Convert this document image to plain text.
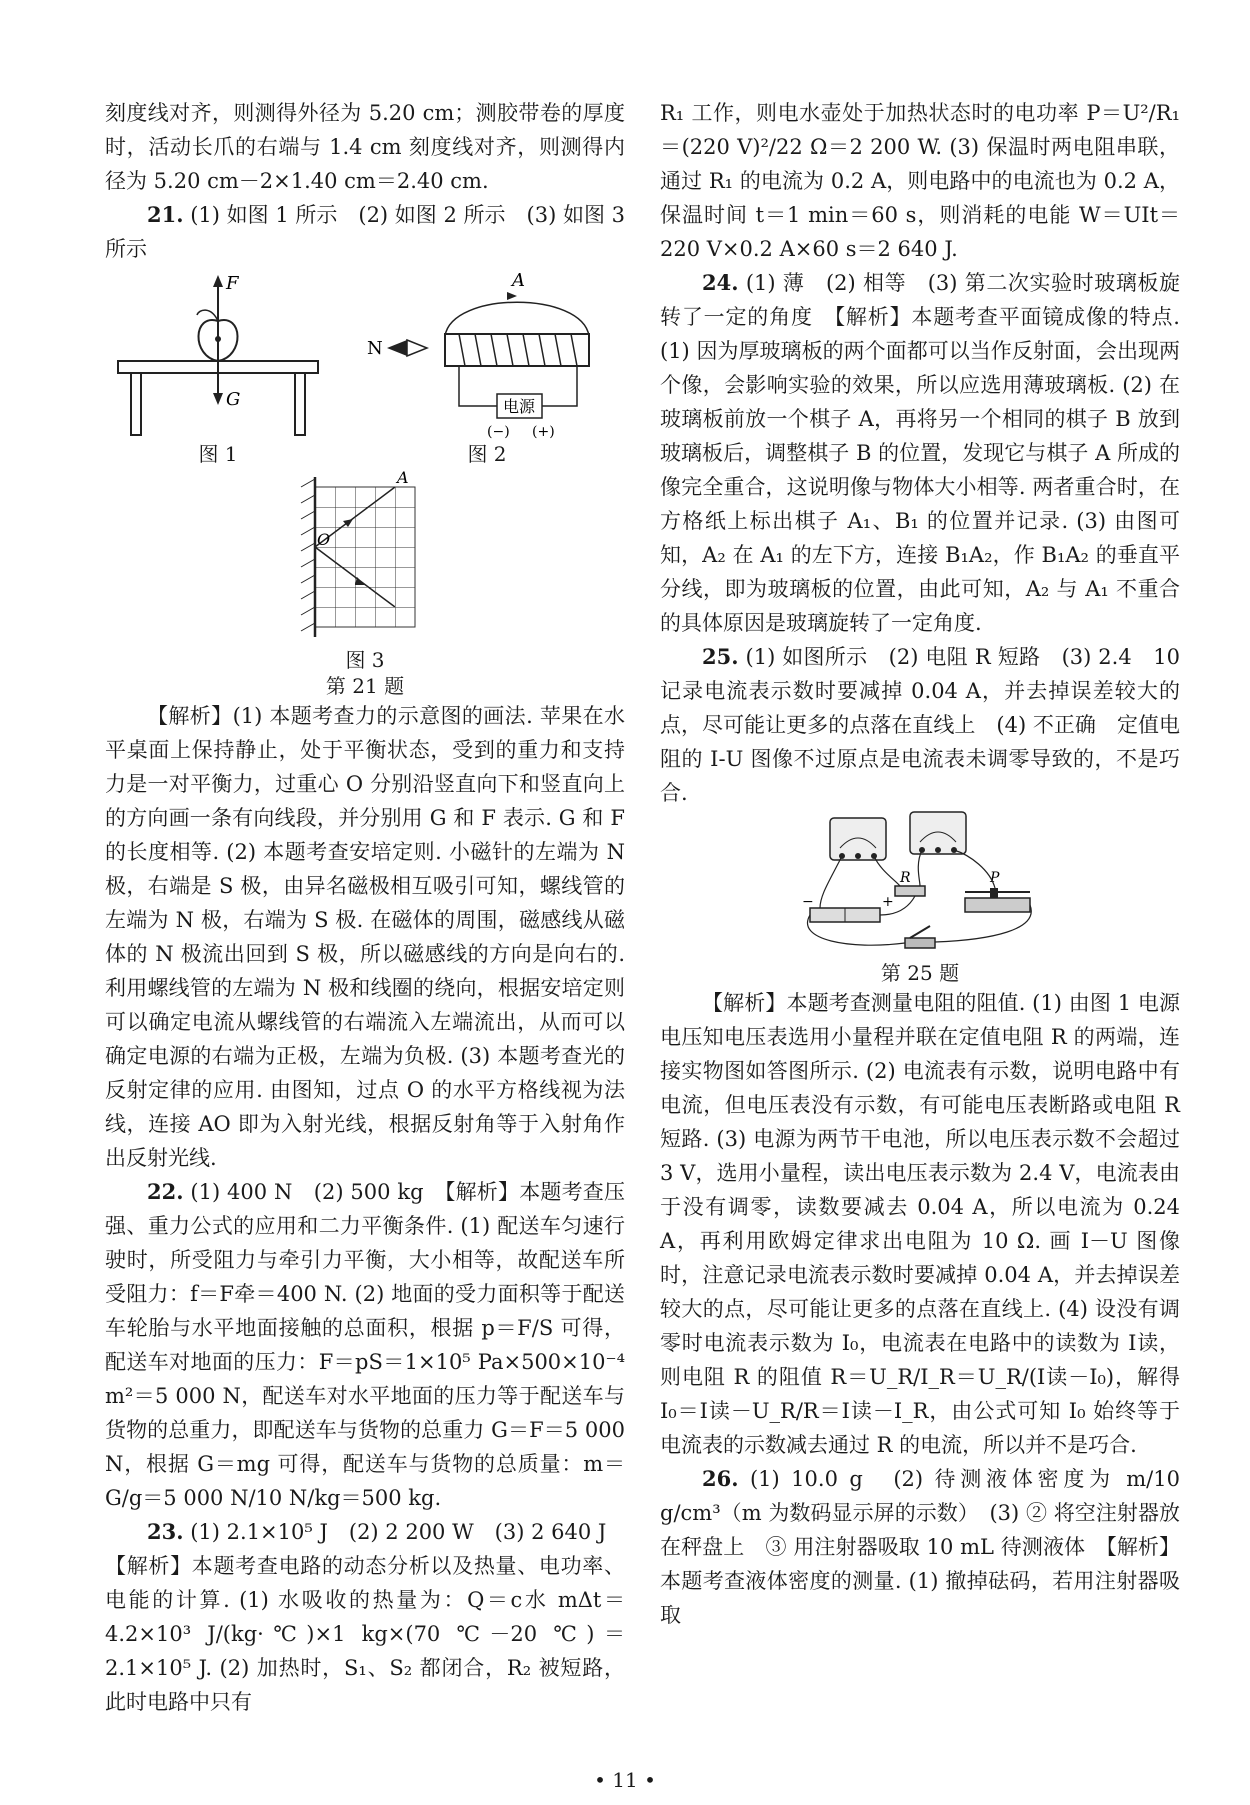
刻度线对齐，则测得外径为 5.20 cm；测胶带卷的厚度时，活动长爪的右端与 1.4 cm 刻度线对齐，则测得内径为 5.20 cm－2×1.40 cm＝2.40 cm.

21. (1) 如图 1 所示　(2) 如图 2 所示　(3) 如图 3 所示

F
G

图 1

N
A
电源
(−) (+)

图 2

A
O

图 3

第 21 题

【解析】(1) 本题考查力的示意图的画法. 苹果在水平桌面上保持静止，处于平衡状态，受到的重力和支持力是一对平衡力，过重心 O 分别沿竖直向下和竖直向上的方向画一条有向线段，并分别用 G 和 F 表示. G 和 F 的长度相等. (2) 本题考查安培定则. 小磁针的左端为 N 极，右端是 S 极，由异名磁极相互吸引可知，螺线管的左端为 N 极，右端为 S 极. 在磁体的周围，磁感线从磁体的 N 极流出回到 S 极，所以磁感线的方向是向右的. 利用螺线管的左端为 N 极和线圈的绕向，根据安培定则可以确定电流从螺线管的右端流入左端流出，从而可以确定电源的右端为正极，左端为负极. (3) 本题考查光的反射定律的应用. 由图知，过点 O 的水平方格线视为法线，连接 AO 即为入射光线，根据反射角等于入射角作出反射光线.

22. (1) 400 N　(2) 500 kg　【解析】本题考查压强、重力公式的应用和二力平衡条件. (1) 配送车匀速行驶时，所受阻力与牵引力平衡，大小相等，故配送车所受阻力：f＝F牵＝400 N. (2) 地面的受力面积等于配送车轮胎与水平地面接触的总面积，根据 p＝F/S 可得，配送车对地面的压力：F＝pS＝1×10⁵ Pa×500×10⁻⁴ m²＝5 000 N，配送车对水平地面的压力等于配送车与货物的总重力，即配送车与货物的总重力 G＝F＝5 000 N，根据 G＝mg 可得，配送车与货物的总质量：m＝G/g＝5 000 N/10 N/kg＝500 kg.

23. (1) 2.1×10⁵ J　(2) 2 200 W　(3) 2 640 J

【解析】本题考查电路的动态分析以及热量、电功率、电能的计算. (1) 水吸收的热量为：Q＝c水 mΔt＝4.2×10³ J/(kg·℃)×1 kg×(70 ℃－20 ℃)＝2.1×10⁵ J. (2) 加热时，S₁、S₂ 都闭合，R₂ 被短路，此时电路中只有

R₁ 工作，则电水壶处于加热状态时的电功率 P＝U²/R₁＝(220 V)²/22 Ω＝2 200 W. (3) 保温时两电阻串联，通过 R₁ 的电流为 0.2 A，则电路中的电流也为 0.2 A，保温时间 t＝1 min＝60 s，则消耗的电能 W＝UIt＝220 V×0.2 A×60 s＝2 640 J.

24. (1) 薄　(2) 相等　(3) 第二次实验时玻璃板旋转了一定的角度　【解析】本题考查平面镜成像的特点. (1) 因为厚玻璃板的两个面都可以当作反射面，会出现两个像，会影响实验的效果，所以应选用薄玻璃板. (2) 在玻璃板前放一个棋子 A，再将另一个相同的棋子 B 放到玻璃板后，调整棋子 B 的位置，发现它与棋子 A 所成的像完全重合，这说明像与物体大小相等. 两者重合时，在方格纸上标出棋子 A₁、B₁ 的位置并记录. (3) 由图可知，A₂ 在 A₁ 的左下方，连接 B₁A₂，作 B₁A₂ 的垂直平分线，即为玻璃板的位置，由此可知，A₂ 与 A₁ 不重合的具体原因是玻璃旋转了一定角度.

25. (1) 如图所示　(2) 电阻 R 短路　(3) 2.4　10　记录电流表示数时要减掉 0.04 A，并去掉误差较大的点，尽可能让更多的点落在直线上　(4) 不正确　定值电阻的 I-U 图像不过原点是电流表未调零导致的，不是巧合.

R
−	+
P

第 25 题

【解析】本题考查测量电阻的阻值. (1) 由图 1 电源电压知电压表选用小量程并联在定值电阻 R 的两端，连接实物图如答图所示. (2) 电流表有示数，说明电路中有电流，但电压表没有示数，有可能电压表断路或电阻 R 短路. (3) 电源为两节干电池，所以电压表示数不会超过 3 V，选用小量程，读出电压表示数为 2.4 V，电流表由于没有调零，读数要减去 0.04 A，所以电流为 0.24 A，再利用欧姆定律求出电阻为 10 Ω. 画 I－U 图像时，注意记录电流表示数时要减掉 0.04 A，并去掉误差较大的点，尽可能让更多的点落在直线上. (4) 设没有调零时电流表示数为 I₀，电流表在电路中的读数为 I读，则电阻 R 的阻值 R＝U_R/I_R＝U_R/(I读－I₀)，解得 I₀＝I读－U_R/R＝I读－I_R，由公式可知 I₀ 始终等于电流表的示数减去通过 R 的电流，所以并不是巧合.

26. (1) 10.0 g　(2) 待测液体密度为 m/10 g/cm³（m 为数码显示屏的示数）　(3) ② 将空注射器放在秤盘上　③ 用注射器吸取 10 mL 待测液体　【解析】本题考查液体密度的测量. (1) 撤掉砝码，若用注射器吸取

• 11 •
